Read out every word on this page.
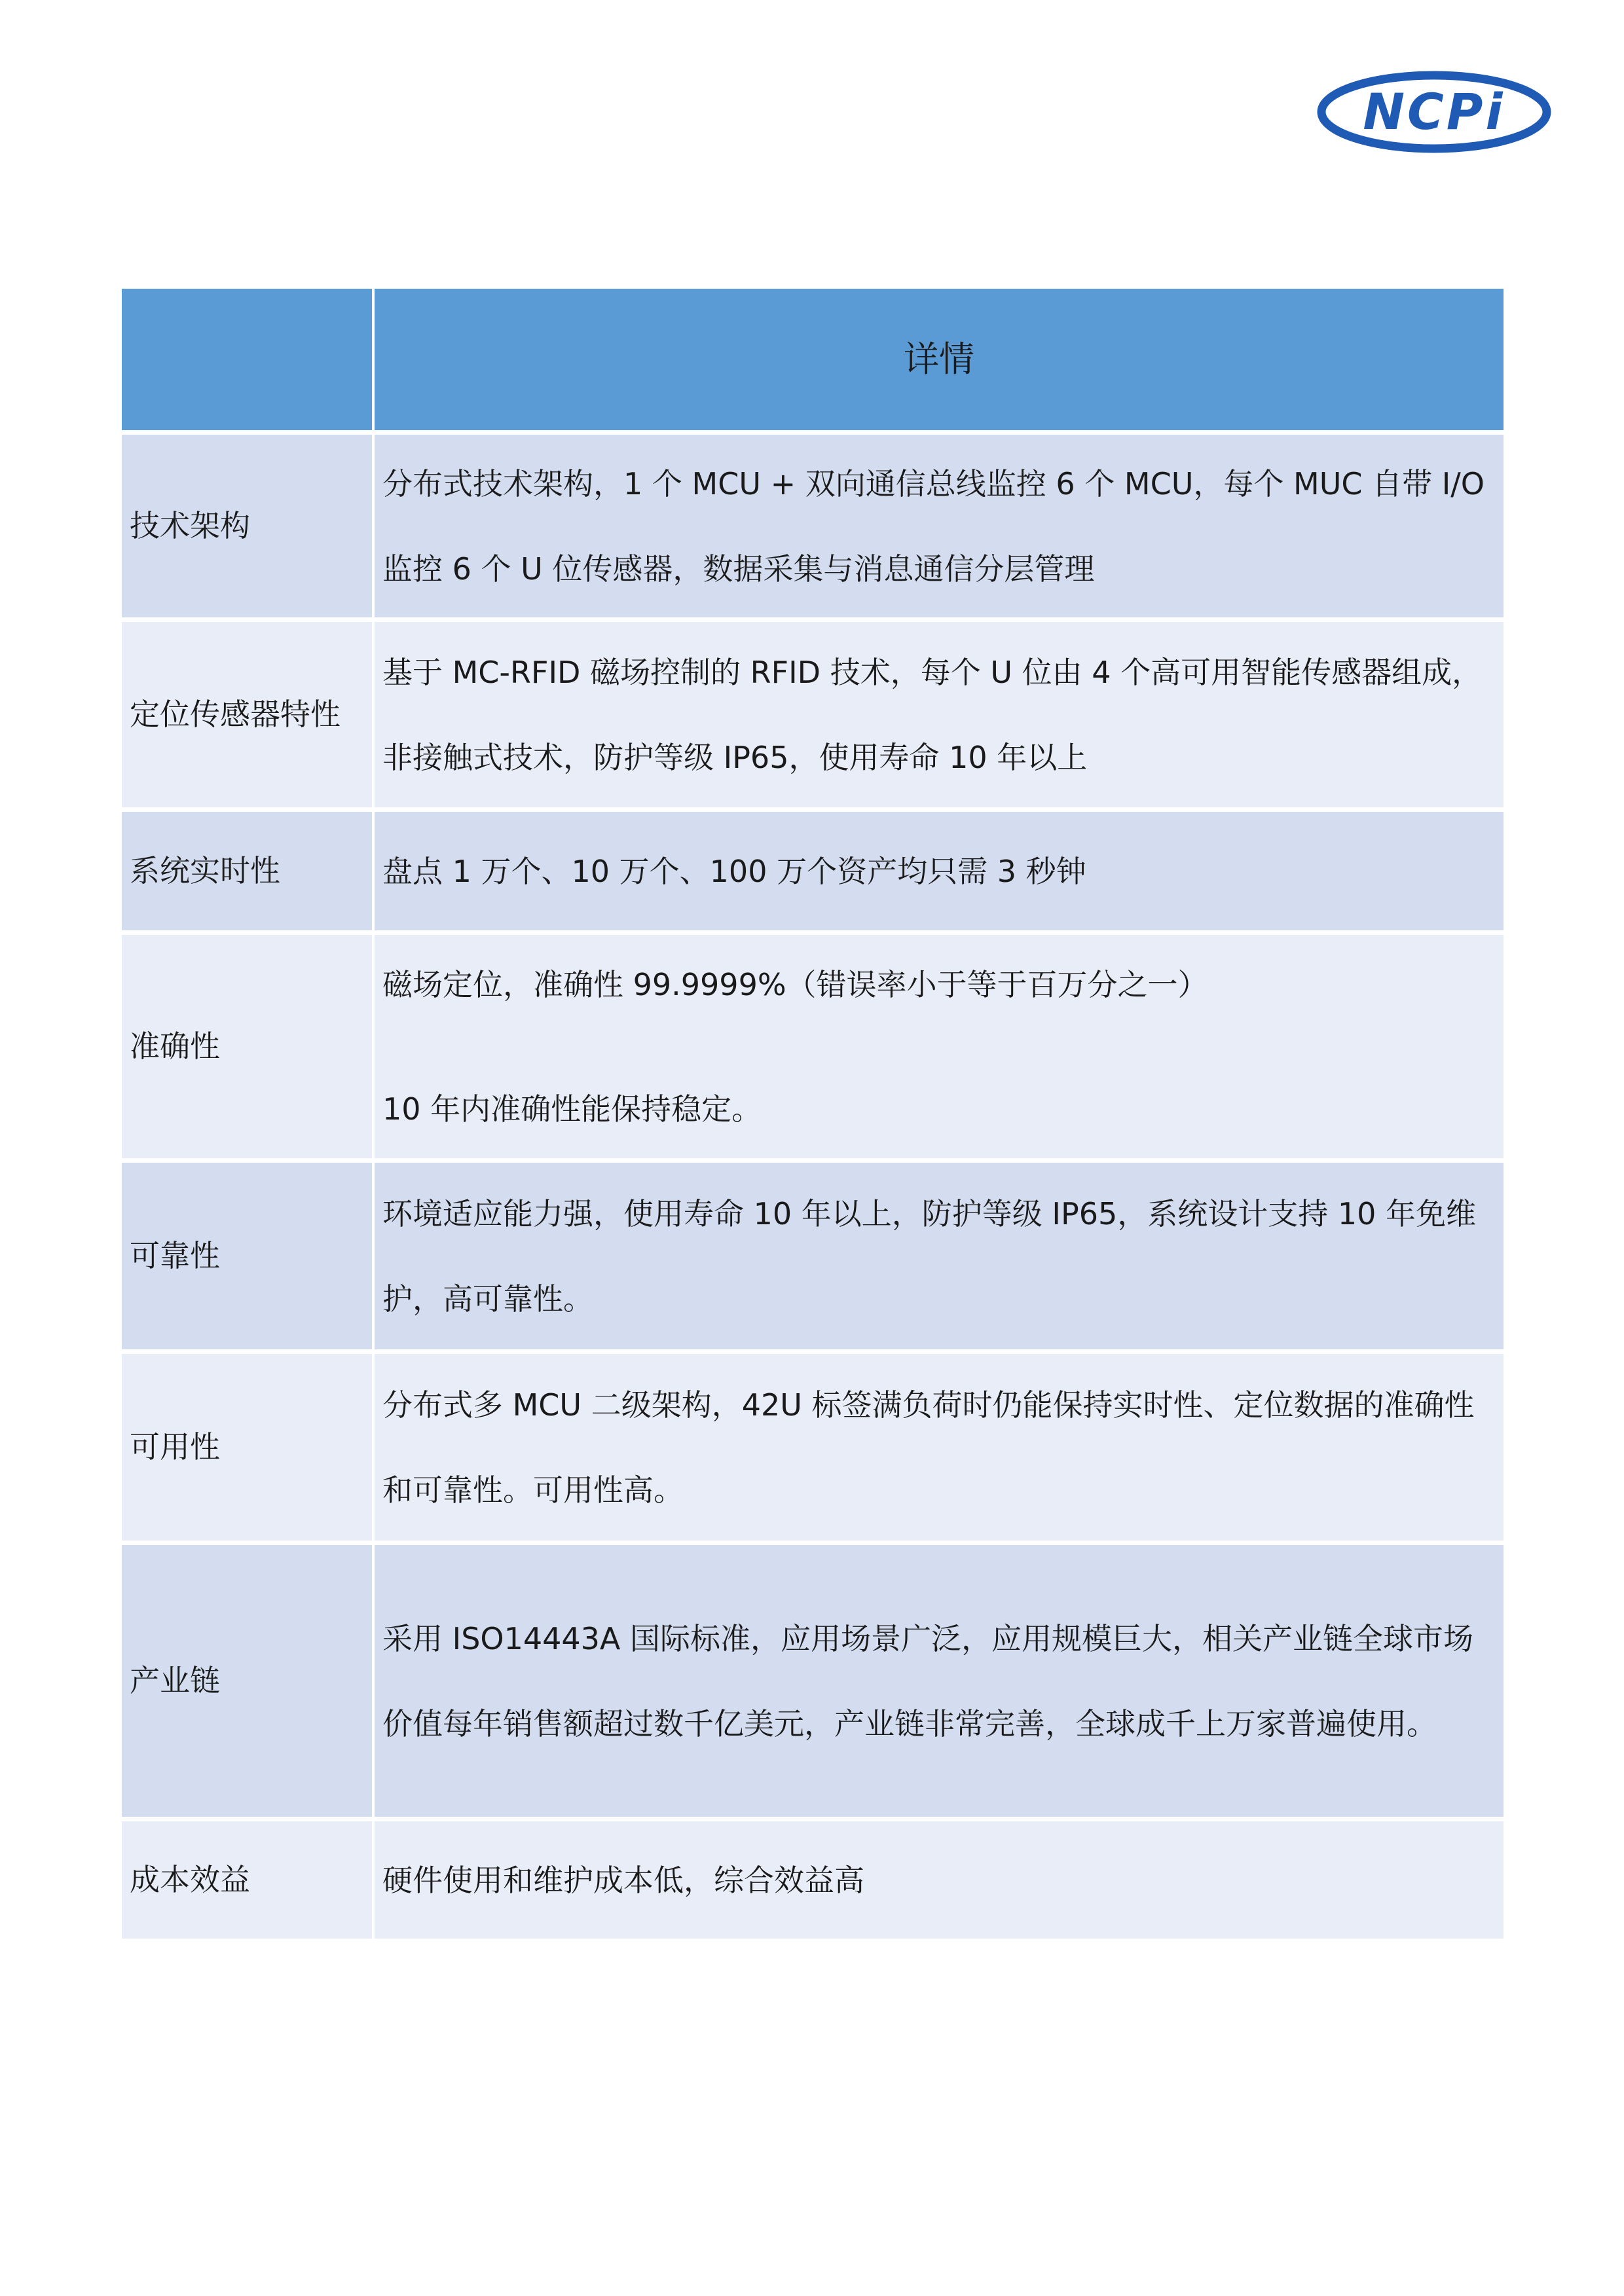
NCPi
	详情
技术架构	分布式技术架构，1 个 MCU + 双向通信总线监控 6 个 MCU，每个 MUC 自带 I/O 监控 6 个 U 位传感器，数据采集与消息通信分层管理

定位传感器特性	基于 MC-RFID 磁场控制的 RFID 技术，每个 U 位由 4 个高可用智能传感器组成，非接触式技术，防护等级 IP65，使用寿命 10 年以上

系统实时性	盘点 1 万个、10 万个、100 万个资产均只需 3 秒钟

准确性	磁场定位，准确性 99.9999%（错误率小于等于百万分之一）

10 年内准确性能保持稳定。

可靠性	环境适应能力强，使用寿命 10 年以上，防护等级 IP65，系统设计支持 10 年免维护，高可靠性。

可用性	分布式多 MCU 二级架构，42U 标签满负荷时仍能保持实时性、定位数据的准确性和可靠性。可用性高。

产业链	采用 ISO14443A 国际标准，应用场景广泛，应用规模巨大，相关产业链全球市场价值每年销售额超过数千亿美元，产业链非常完善，全球成千上万家普遍使用。

成本效益	硬件使用和维护成本低，综合效益高
